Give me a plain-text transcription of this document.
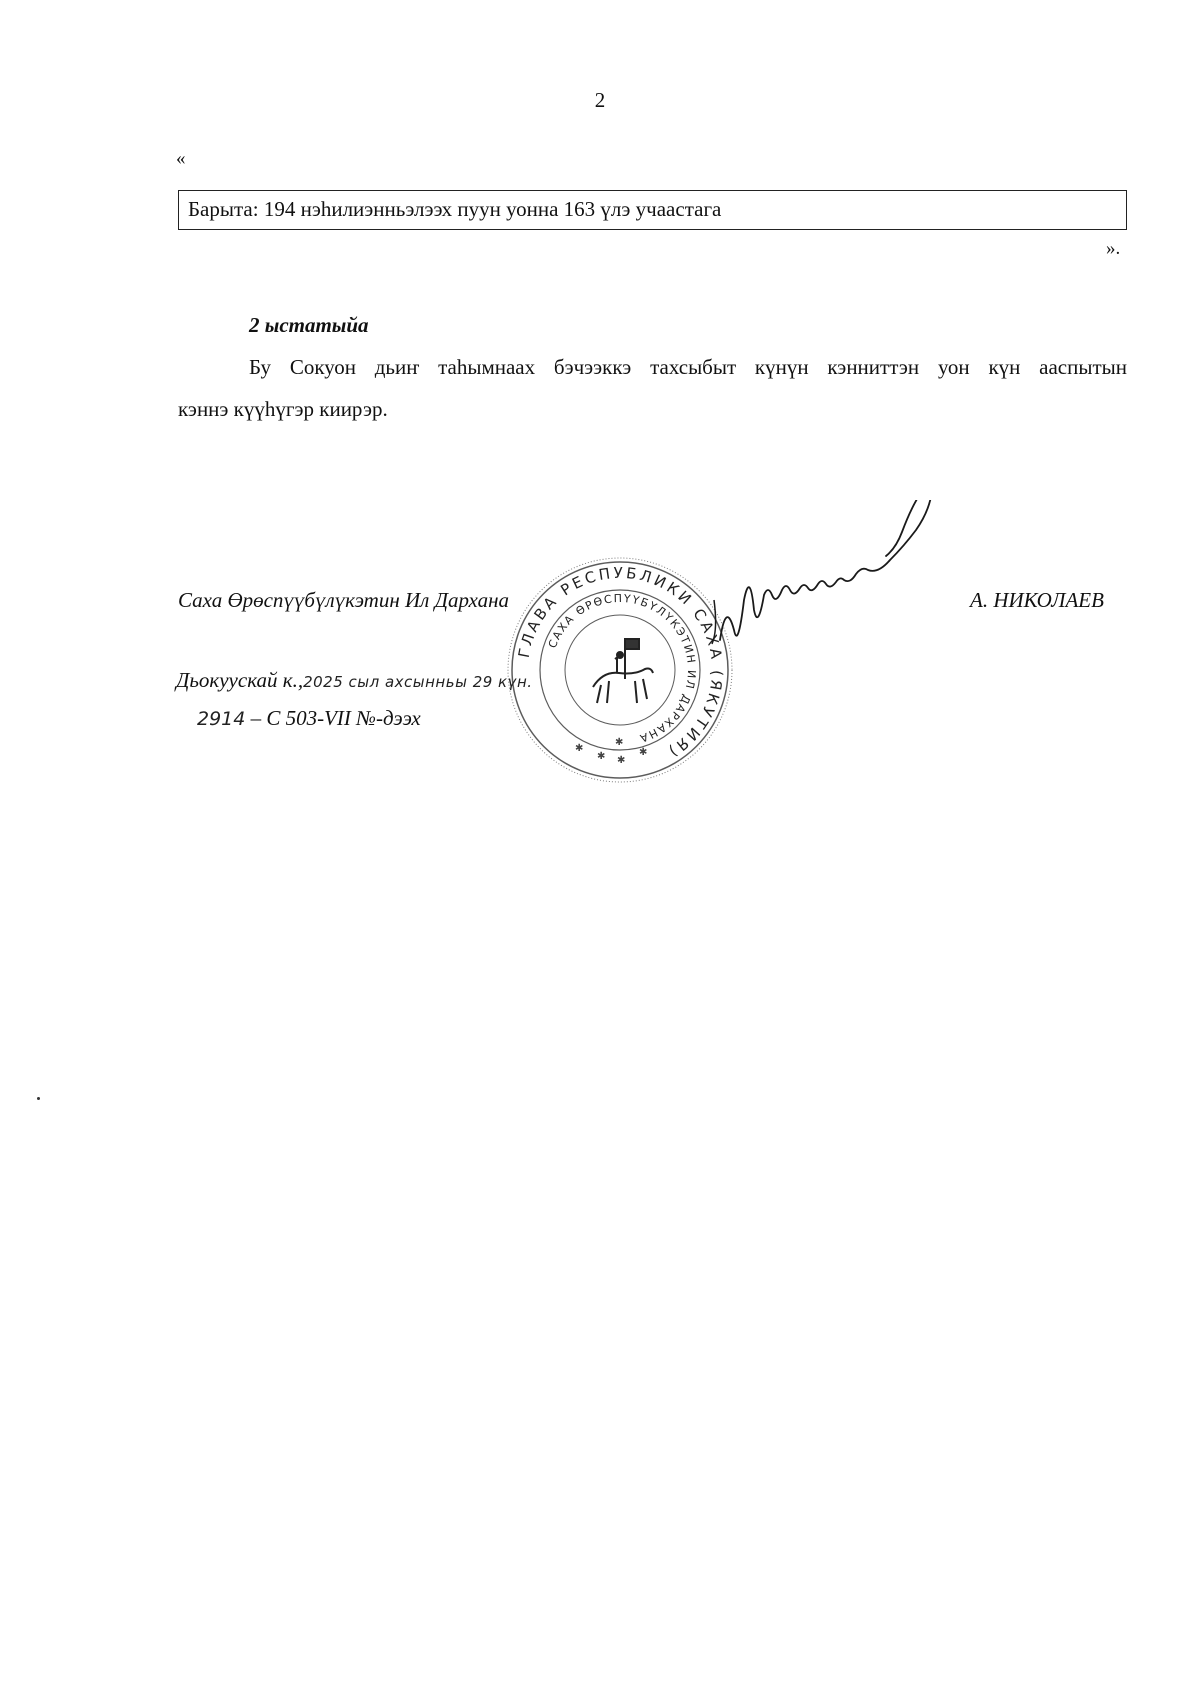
2
«
Барыта: 194 нэһилиэнньэлээх пуун уонна 163 үлэ учаастага
».
2 ыстатыйа
Бу Сокуон дьиҥ таһымнаах бэчээккэ тахсыбыт күнүн кэнниттэн уон күн ааспытын
кэннэ күүһүгэр киирэр.
Саха Өрөспүүбүлүкэтин Ил Дархана	А. НИКОЛАЕВ
Дьокуускай к.,2025 сыл ахсынньы 29 күн.
2914 – С 503-VII №-дээх
ГЛАВА РЕСПУБЛИКИ САХА (ЯКУТИЯ)
САХА ӨРӨСПҮҮБҮЛҮКЭТИН ИЛ ДАРХАНА
✱
✱ ✱
✱
✱
